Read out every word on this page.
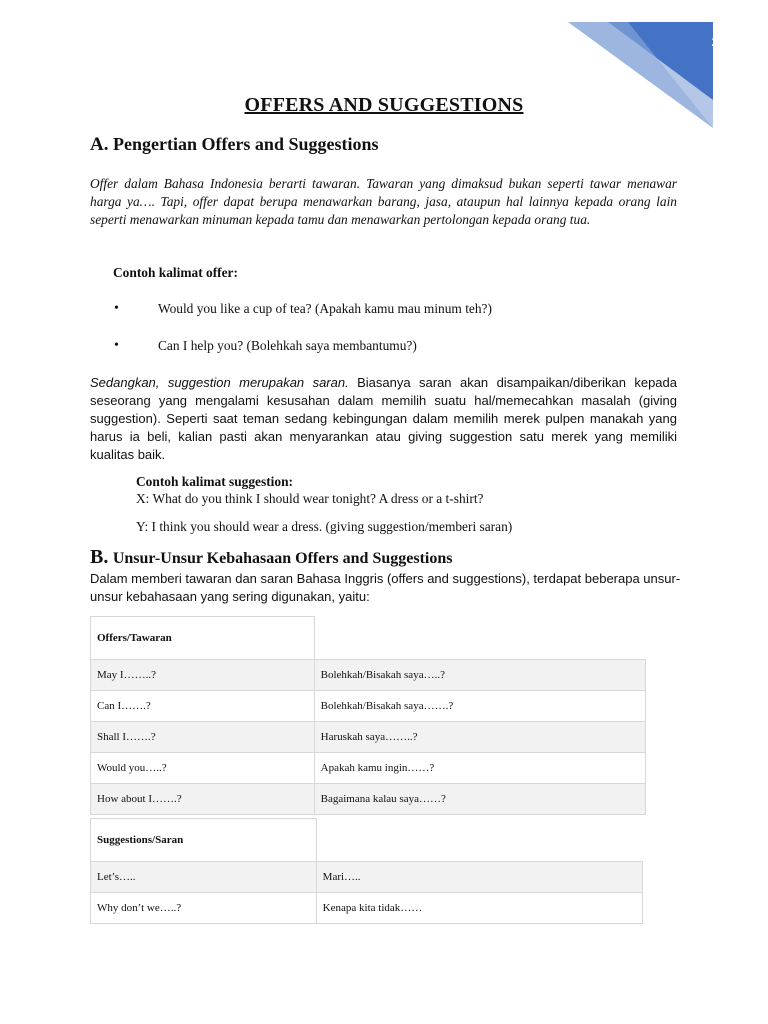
2
OFFERS AND SUGGESTIONS
A. Pengertian Offers and Suggestions

Offer dalam Bahasa Indonesia berarti tawaran. Tawaran yang dimaksud bukan seperti tawar menawar harga ya…. Tapi, offer dapat berupa menawarkan barang, jasa, ataupun hal lainnya kepada orang lain seperti menawarkan minuman kepada tamu dan menawarkan pertolongan kepada orang tua.

Contoh kalimat offer:
Would you like a cup of tea? (Apakah kamu mau minum teh?)
Can I help you? (Bolehkah saya membantumu?)

Sedangkan, suggestion merupakan saran. Biasanya saran akan disampaikan/diberikan kepada seseorang yang mengalami kesusahan dalam memilih suatu hal/memecahkan masalah (giving suggestion). Seperti saat teman sedang kebingungan dalam memilih merek pulpen manakah yang harus ia beli, kalian pasti akan menyarankan atau giving suggestion satu merek yang memiliki kualitas baik.

Contoh kalimat suggestion:
X: What do you think I should wear tonight? A dress or a t-shirt?
Y: I think you should wear a dress. (giving suggestion/memberi saran)
B. Unsur-Unsur Kebahasaan Offers and Suggestions

Dalam memberi tawaran dan saran Bahasa Inggris (offers and suggestions), terdapat beberapa unsur-unsur kebahasaan yang sering digunakan, yaitu:

Offers/Tawaran	
May I……..?	Bolehkah/Bisakah saya…..?
Can I…….?	Bolehkah/Bisakah saya…….?
Shall I…….?	Haruskah saya……..?
Would you…..?	Apakah kamu ingin……?
How about I…….?	Bagaimana kalau saya……?
Suggestions/Saran	
Let’s…..	Mari…..
Why don’t we…..?	Kenapa kita tidak……
